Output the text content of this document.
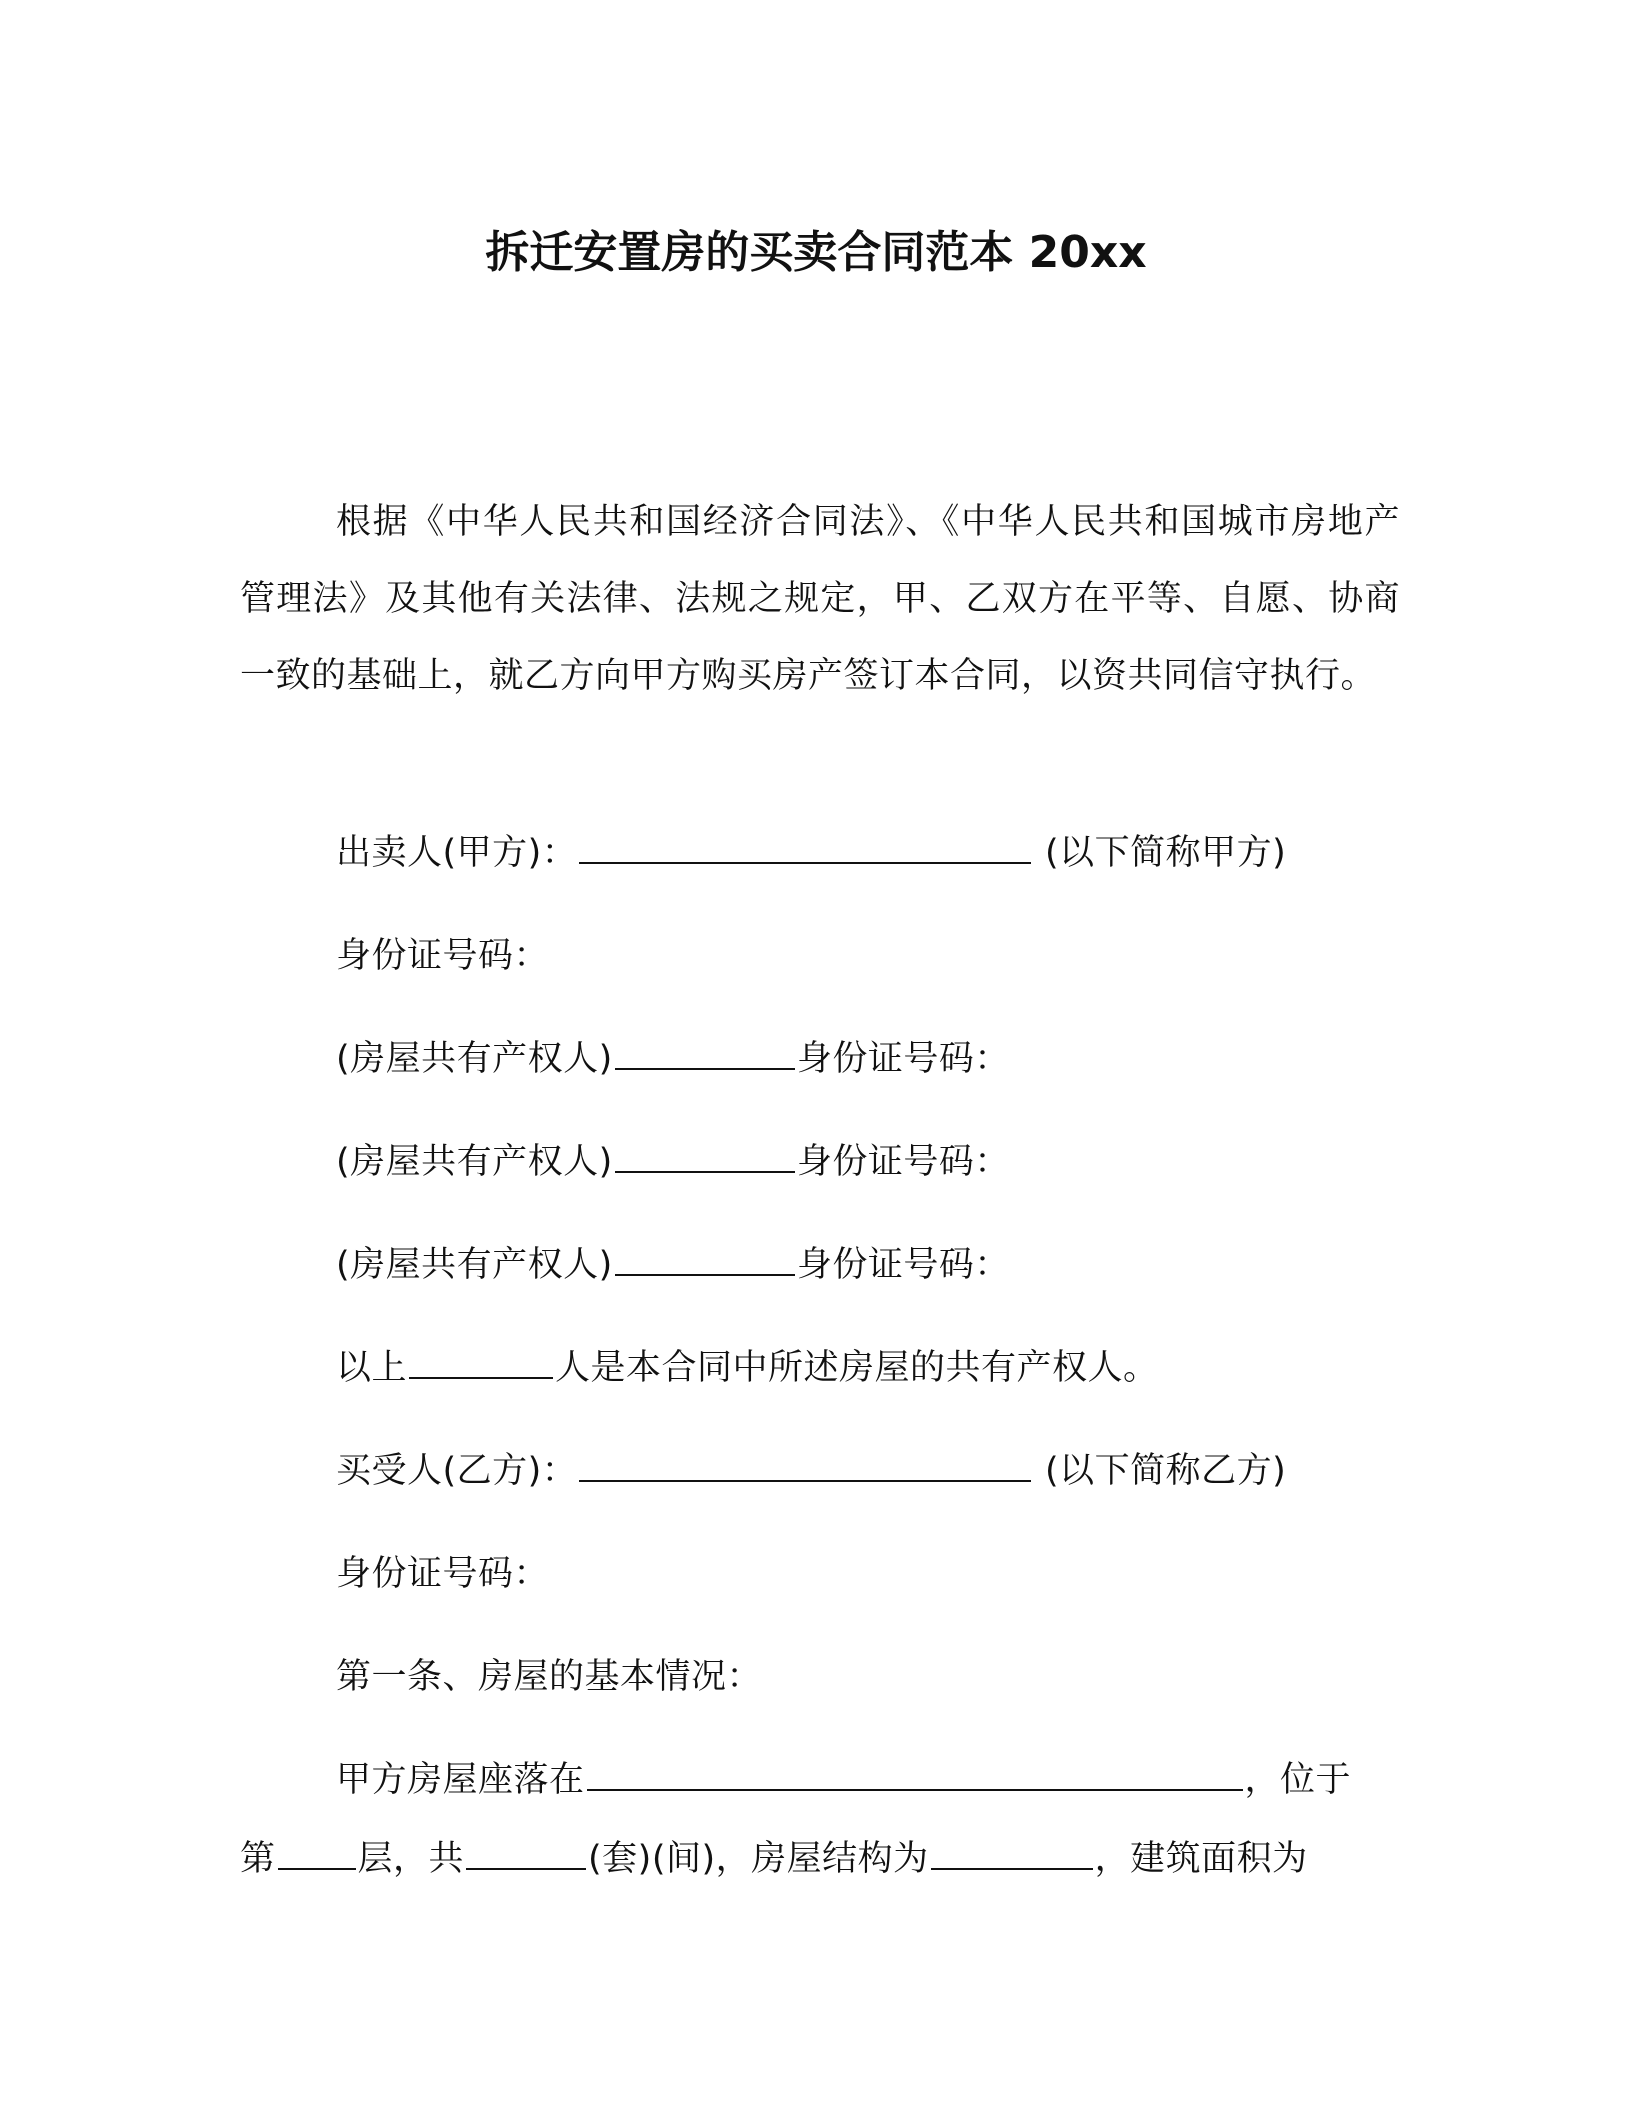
拆迁安置房的买卖合同范本 20xx

根据《中华人民共和国经济合同法》、《中华人民共和国城市房地产管理法》及其他有关法律、法规之规定，甲、乙双方在平等、自愿、协商一致的基础上，就乙方向甲方购买房产签订本合同，以资共同信守执行。

出卖人(甲方)：	(以下简称甲方)
身份证号码：
(房屋共有产权人)	身份证号码：
(房屋共有产权人)	身份证号码：
(房屋共有产权人)	身份证号码：
以上	人是本合同中所述房屋的共有产权人。
买受人(乙方)：	(以下简称乙方)
身份证号码：
第一条、房屋的基本情况：
甲方房屋座落在	，位于
第 层，共	(套)(间)，房屋结构为	，建筑面积为
